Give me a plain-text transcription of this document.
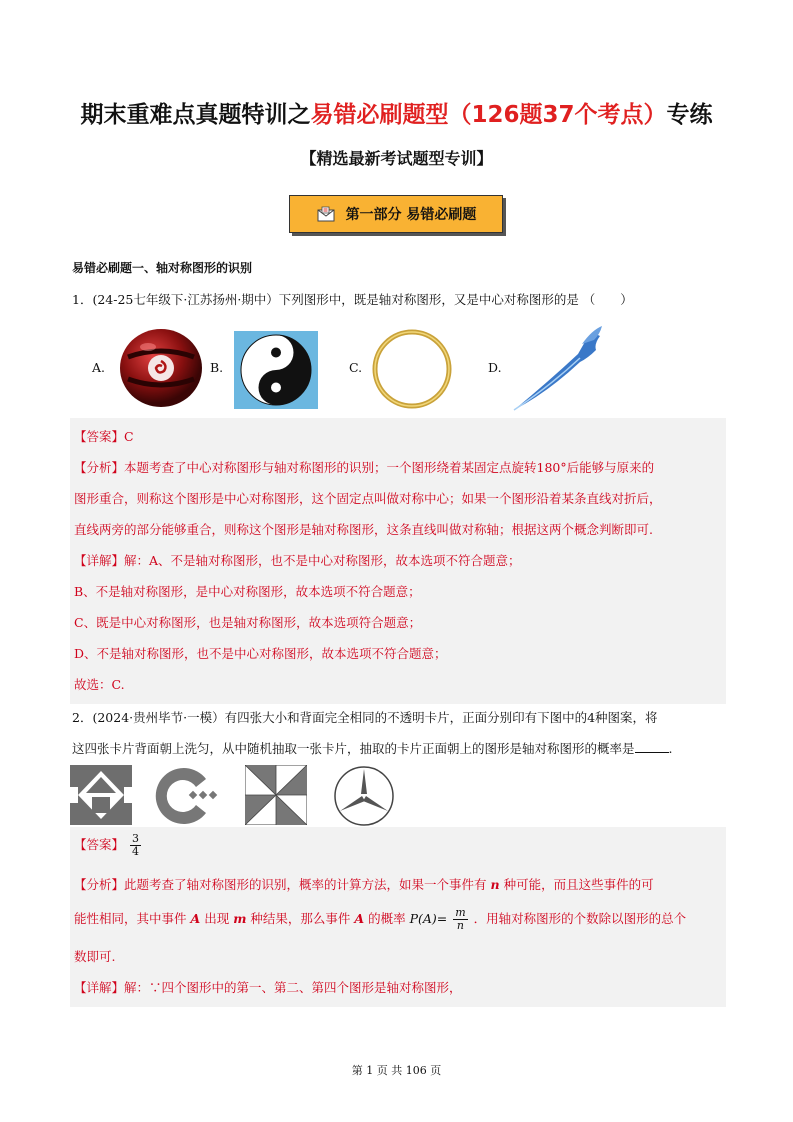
期末重难点真题特训之易错必刷题型（126题37个考点）专练
【精选最新考试题型专训】
第一部分 易错必刷题
易错必刷题一、轴对称图形的识别
1．(24-25七年级下·江苏扬州·期中）下列图形中，既是轴对称图形，又是中心对称图形的是 （　　）
A.	B.	C.	D.
【答案】C
【分析】本题考查了中心对称图形与轴对称图形的识别；一个图形绕着某固定点旋转180°后能够与原来的
图形重合，则称这个图形是中心对称图形，这个固定点叫做对称中心；如果一个图形沿着某条直线对折后，
直线两旁的部分能够重合，则称这个图形是轴对称图形，这条直线叫做对称轴；根据这两个概念判断即可.
【详解】解：A、不是轴对称图形，也不是中心对称图形，故本选项不符合题意；
B、不是轴对称图形，是中心对称图形，故本选项不符合题意；
C、既是中心对称图形，也是轴对称图形，故本选项符合题意；
D、不是轴对称图形，也不是中心对称图形，故本选项不符合题意；
故选：C.
2．(2024·贵州毕节·一模）有四张大小和背面完全相同的不透明卡片，正面分别印有下图中的4种图案，将
这四张卡片背面朝上洗匀，从中随机抽取一张卡片，抽取的卡片正面朝上的图形是轴对称图形的概率是	.
【答案】 $\frac{3}{4}$
【分析】此题考查了轴对称图形的识别，概率的计算方法，如果一个事件有 n 种可能，而且这些事件的可
能性相同，其中事件 A 出现 m 种结果，那么事件 A 的概率 $P(A)= \frac{m}{n}$ ．用轴对称图形的个数除以图形的总个
数即可.
【详解】解：∵四个图形中的第一、第二、第四个图形是轴对称图形，
第 1 页 共 106 页
